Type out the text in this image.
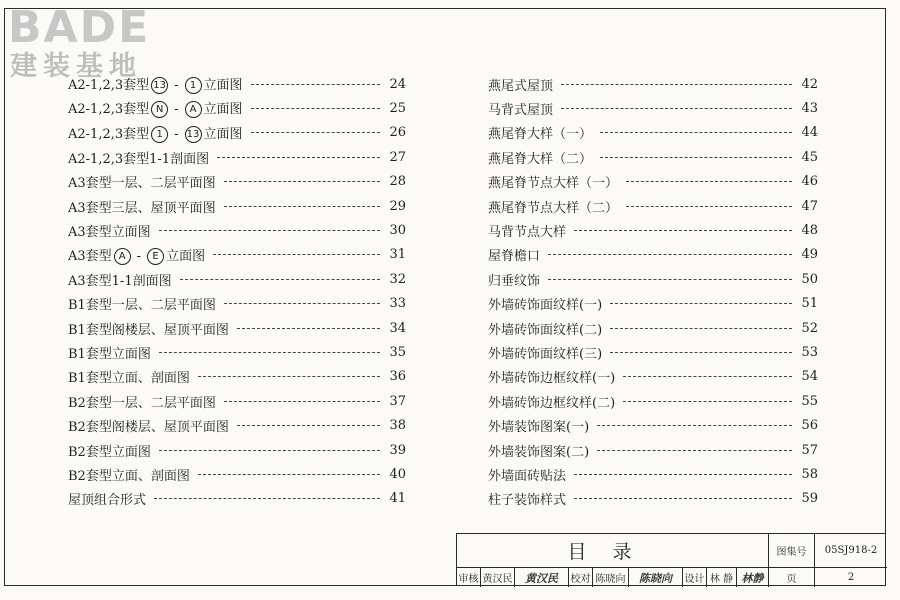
BADE
建装基地
A2-1,2,3套型 13 - 1 立面图	24
A2-1,2,3套型 N - A 立面图	25
A2-1,2,3套型 1 - 13 立面图	26
A2-1,2,3套型1-1剖面图	27
A3套型一层、二层平面图	28
A3套型三层、屋顶平面图	29
A3套型立面图	30
A3套型 A - E 立面图	31
A3套型1-1剖面图	32
B1套型一层、二层平面图	33
B1套型阁楼层、屋顶平面图	34
B1套型立面图	35
B1套型立面、剖面图	36
B2套型一层、二层平面图	37
B2套型阁楼层、屋顶平面图	38
B2套型立面图	39
B2套型立面、剖面图	40
屋顶组合形式	41
燕尾式屋顶	42
马背式屋顶	43
燕尾脊大样（一）	44
燕尾脊大样（二）	45
燕尾脊节点大样（一）	46
燕尾脊节点大样（二）	47
马背节点大样	48
屋脊檐口	49
归垂纹饰	50
外墙砖饰面纹样(一)	51
外墙砖饰面纹样(二)	52
外墙砖饰面纹样(三)	53
外墙砖饰边框纹样(一)	54
外墙砖饰边框纹样(二)	55
外墙装饰图案(一)	56
外墙装饰图案(二)	57
外墙面砖贴法	58
柱子装饰样式	59
目录	图集号	05SJ918-2
审核 黄汉民	黄汉民	校对 陈晓向	陈晓向	设计 林 静 林静	页	2
